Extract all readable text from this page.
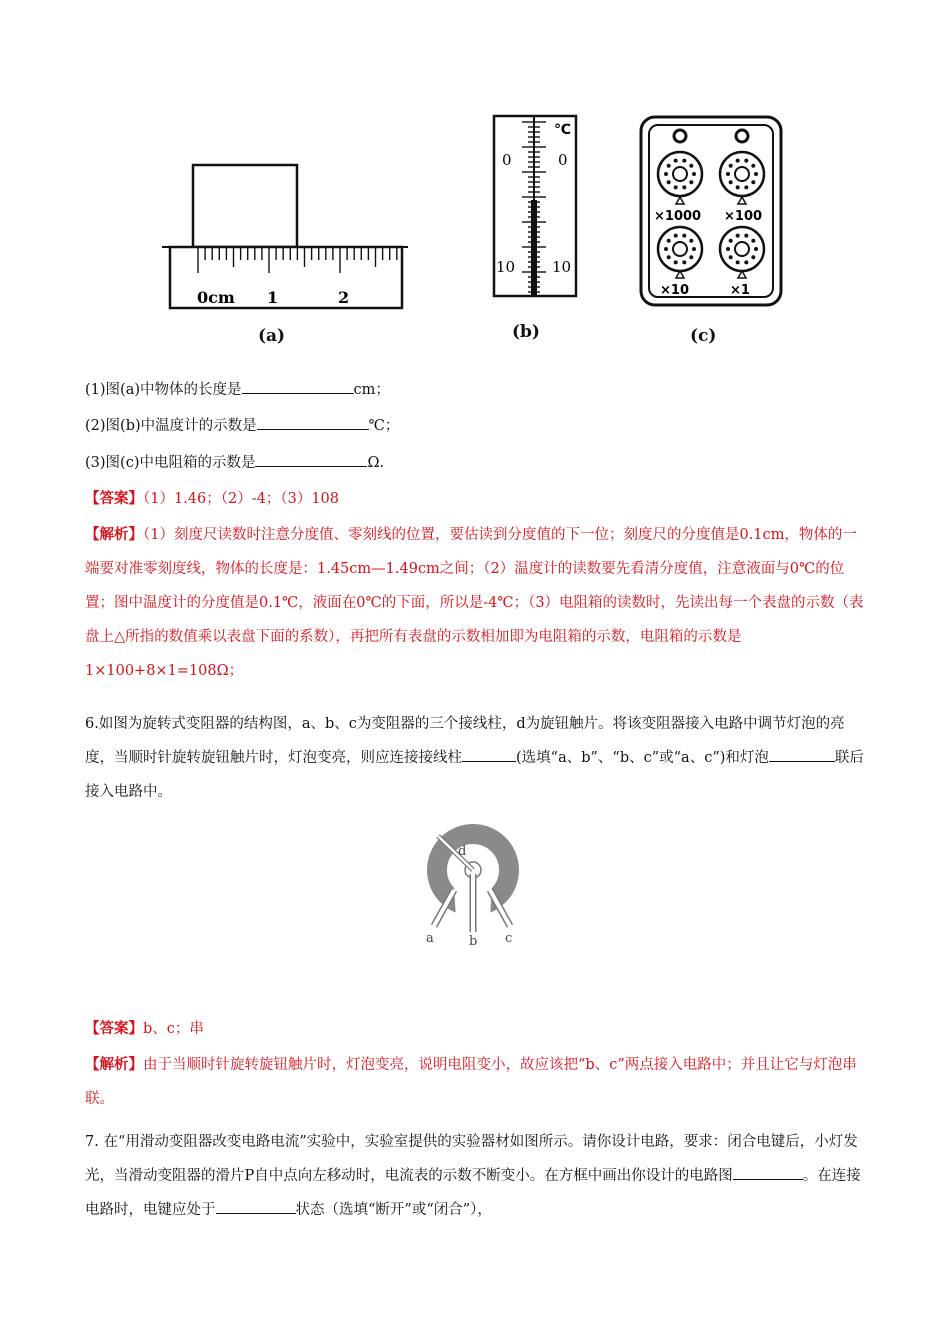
0cm 1	2
(a)
℃
0	0
10 10
(b)
×1000 ×100
×10	×1
(c)
(1)图(a)中物体的长度是	cm；
(2)图(b)中温度计的示数是	℃；
(3)图(c)中电阻箱的示数是	Ω.
【答案】（1）1.46；（2）-4；（3）108
【解析】（1）刻度尺读数时注意分度值、零刻线的位置，要估读到分度值的下一位；刻度尺的分度值是0.1cm，物体的一端要对准零刻度线，物体的长度是：1.45cm—1.49cm之间；（2）温度计的读数要先看清分度值，注意液面与0℃的位置；图中温度计的分度值是0.1℃，液面在0℃的下面，所以是-4℃；（3）电阻箱的读数时，先读出每一个表盘的示数（表盘上△所指的数值乘以表盘下面的系数），再把所有表盘的示数相加即为电阻箱的示数，电阻箱的示数是1×100+8×1=108Ω；
6.如图为旋转式变阻器的结构图，a、b、c为变阻器的三个接线柱，d为旋钮触片。将该变阻器接入电路中调节灯泡的亮度，当顺时针旋转旋钮触片时，灯泡变亮，则应连接接线柱	(选填“a、b”、“b、c”或“a、c”)和灯泡	联后接入电路中。
d
a	b c
【答案】b、c；串
【解析】由于当顺时针旋转旋钮触片时，灯泡变亮，说明电阻变小，故应该把“b、c”两点接入电路中；并且让它与灯泡串联。
7. 在“用滑动变阻器改变电路电流”实验中，实验室提供的实验器材如图所示。请你设计电路，要求：闭合电键后，小灯发光，当滑动变阻器的滑片P自中点向左移动时，电流表的示数不断变小。在方框中画出你设计的电路图	。在连接电路时，电键应处于	状态（选填“断开”或“闭合”），
